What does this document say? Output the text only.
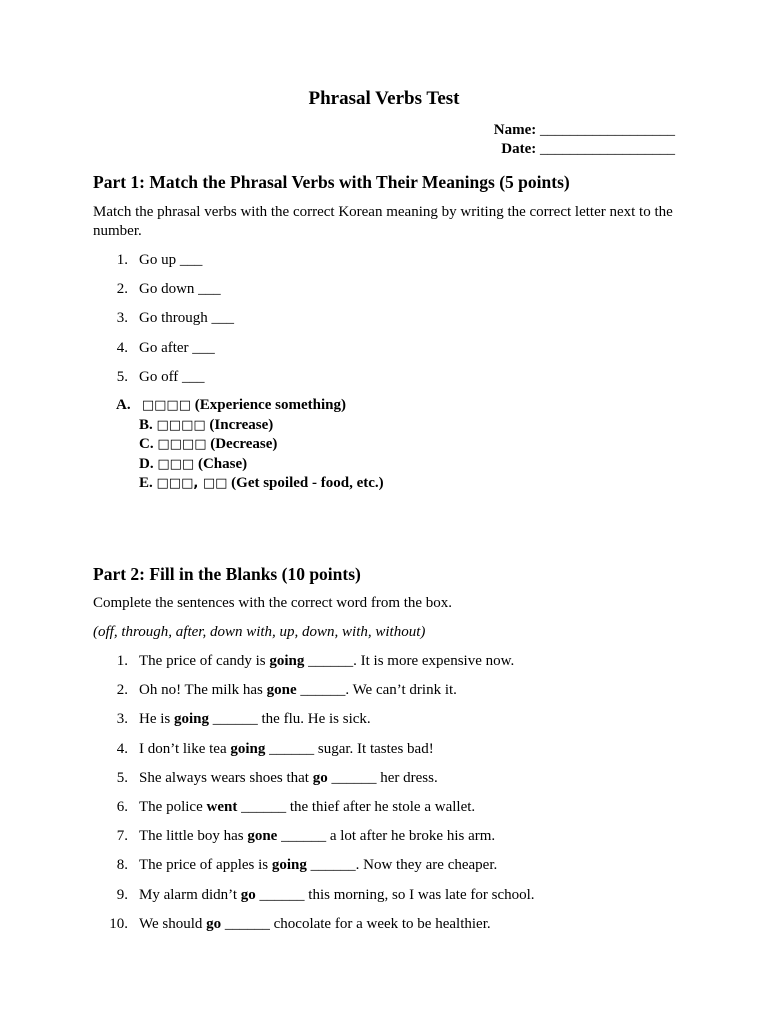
Phrasal Verbs Test
Name: __________________
Date: __________________
Part 1: Match the Phrasal Verbs with Their Meanings (5 points)

Match the phrasal verbs with the correct Korean meaning by writing the correct letter next to the number.

1. Go up ___
2. Go down ___
3. Go through ___
4. Go after ___
5. Go off ___
A. □□□□ (Experience something)
B. □□□□ (Increase)
C. □□□□ (Decrease)
D. □□□ (Chase)
E. □□□, □□ (Get spoiled - food, etc.)
Part 2: Fill in the Blanks (10 points)

Complete the sentences with the correct word from the box.

(off, through, after, down with, up, down, with, without)

1. The price of candy is going ______. It is more expensive now.
2. Oh no! The milk has gone ______. We can’t drink it.
3. He is going ______ the flu. He is sick.
4. I don’t like tea going ______ sugar. It tastes bad!
5. She always wears shoes that go ______ her dress.
6. The police went ______ the thief after he stole a wallet.
7. The little boy has gone ______ a lot after he broke his arm.
8. The price of apples is going ______. Now they are cheaper.
9. My alarm didn’t go ______ this morning, so I was late for school.
10. We should go ______ chocolate for a week to be healthier.
